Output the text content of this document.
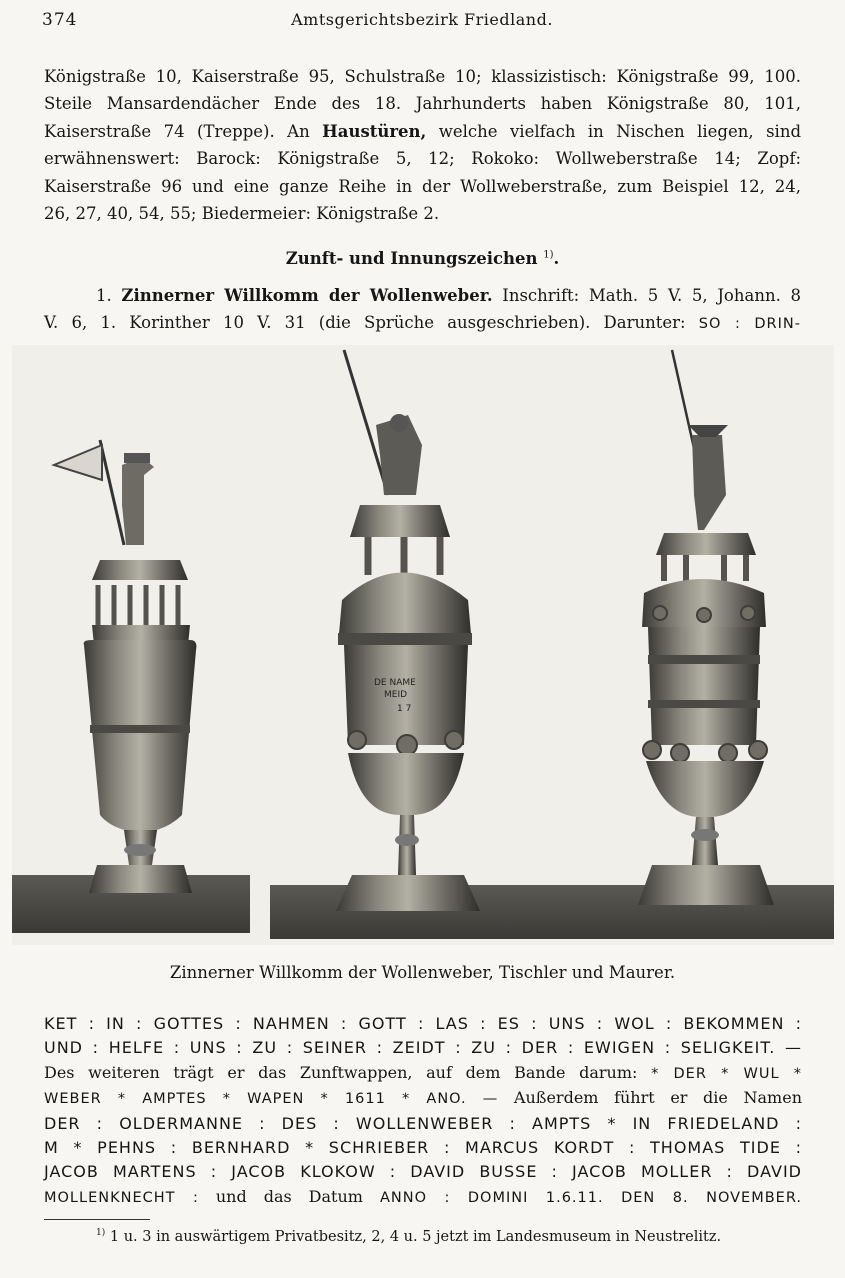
374	Amtsgerichtsbezirk Friedland.
Königstraße 10, Kaiserstraße 95, Schulstraße 10; klassizistisch: Königstraße 99, 100.
Steile Mansardendächer Ende des 18. Jahrhunderts haben Königstraße 80, 101,
Kaiserstraße 74 (Treppe). An Haustüren, welche vielfach in Nischen liegen, sind
erwähnenswert: Barock: Königstraße 5, 12; Rokoko: Wollweberstraße 14; Zopf:
Kaiserstraße 96 und eine ganze Reihe in der Wollweberstraße, zum Beispiel 12, 24,
26, 27, 40, 54, 55; Biedermeier: Königstraße 2.
Zunft- und Innungszeichen $^{1)}$.
1. Zinnerner Willkomm der Wollenweber. Inschrift: Math. 5 V. 5, Johann. 8
V. 6, 1. Korinther 10 V. 31 (die Sprüche ausgeschrieben). Darunter: SO : DRIN-
DE NAME
MEID
1 7
Zinnerner Willkomm der Wollenweber, Tischler und Maurer.
KET : IN : GOTTES : NAHMEN : GOTT : LAS : ES : UNS : WOL : BEKOMMEN :
UND : HELFE : UNS : ZU : SEINER : ZEIDT : ZU : DER : EWIGEN : SELIGKEIT. —
Des weiteren trägt er das Zunftwappen, auf dem Bande darum: * DER * WUL *
WEBER * AMPTES * WAPEN * 1611 * ANO. — Außerdem führt er die Namen
DER : OLDERMANNE : DES : WOLLENWEBER : AMPTS * IN FRIEDELAND :
M * PEHNS : BERNHARD * SCHRIEBER : MARCUS KORDT : THOMAS TIDE :
JACOB MARTENS : JACOB KLOKOW : DAVID BUSSE : JACOB MOLLER : DAVID
MOLLENKNECHT : und das Datum ANNO : DOMINI 1.6.11. DEN 8. NOVEMBER.
$^{1)}$ 1 u. 3 in auswärtigem Privatbesitz, 2, 4 u. 5 jetzt im Landesmuseum in Neustrelitz.
